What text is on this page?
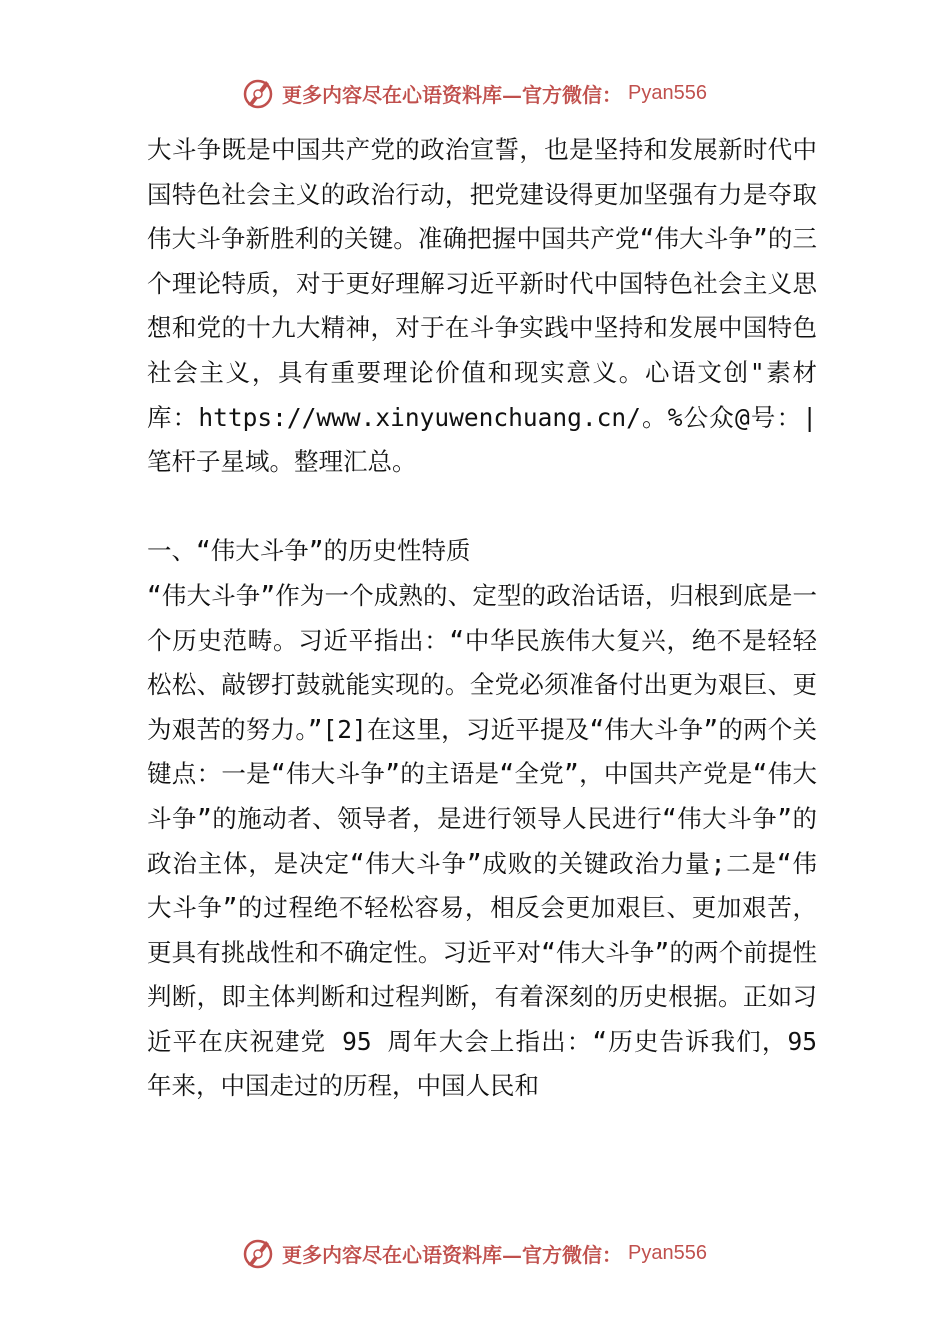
更多内容尽在心语资料库—官方微信： Pyan556

大斗争既是中国共产党的政治宣誓，也是坚持和发展新时代中国特色社会主义的政治行动，把党建设得更加坚强有力是夺取伟大斗争新胜利的关键。准确把握中国共产党“伟大斗争”的三个理论特质，对于更好理解习近平新时代中国特色社会主义思想和党的十九大精神，对于在斗争实践中坚持和发展中国特色社会主义，具有重要理论价值和现实意义。心语文创"素材库：https://www.xinyuwenchuang.cn/。%公众@号：|笔杆子星域。整理汇总。

一、“伟大斗争”的历史性特质

“伟大斗争”作为一个成熟的、定型的政治话语，归根到底是一个历史范畴。习近平指出：“中华民族伟大复兴，绝不是轻轻松松、敲锣打鼓就能实现的。全党必须准备付出更为艰巨、更为艰苦的努力。”[2]在这里，习近平提及“伟大斗争”的两个关键点：一是“伟大斗争”的主语是“全党”，中国共产党是“伟大斗争”的施动者、领导者，是进行领导人民进行“伟大斗争”的政治主体，是决定“伟大斗争”成败的关键政治力量;二是“伟大斗争”的过程绝不轻松容易，相反会更加艰巨、更加艰苦，更具有挑战性和不确定性。习近平对“伟大斗争”的两个前提性判断，即主体判断和过程判断，有着深刻的历史根据。正如习近平在庆祝建党 95 周年大会上指出：“历史告诉我们，95 年来，中国走过的历程，中国人民和

更多内容尽在心语资料库—官方微信： Pyan556
